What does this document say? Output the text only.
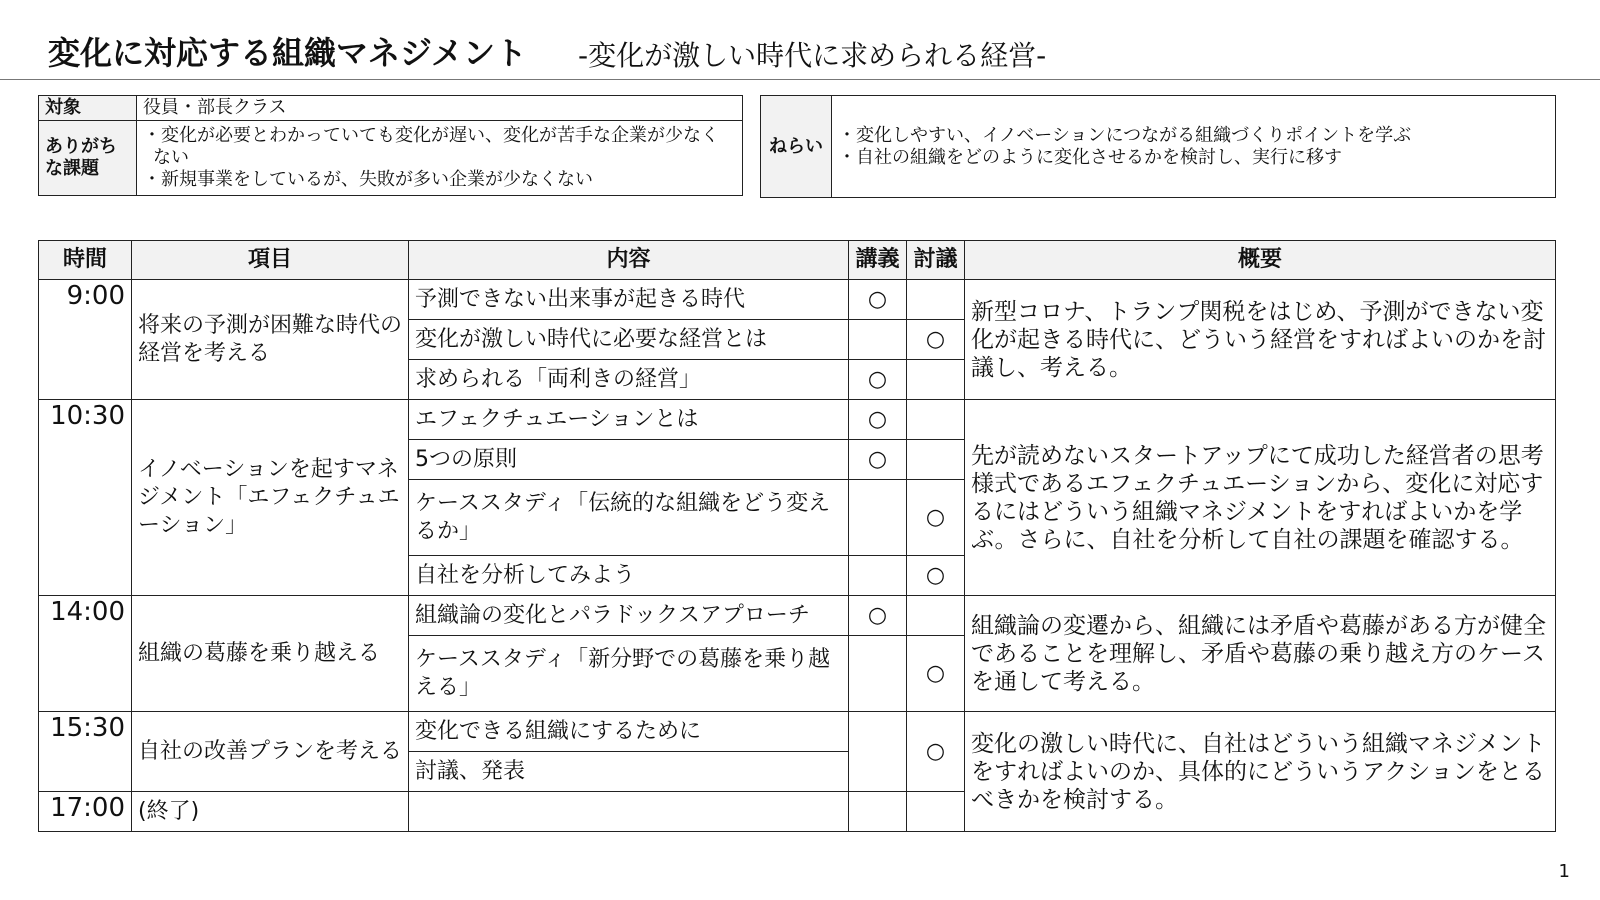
変化に対応する組織マネジメント -変化が激しい時代に求められる経営-
対象	役員・部長クラス
ありがち な課題	・変化が必要とわかっていても変化が遅い、変化が苦手な企業が少なくない
・新規事業をしているが、失敗が多い企業が少なくない
ねらい	
・変化しやすい、イノベーションにつながる組織づくりポイントを学ぶ
・自社の組織をどのように変化させるかを検討し、実行に移す
時間	項目	内容	講義	討議	概要
9:00	将来の予測が困難な時代の経営を考える	予測できない出来事が起きる時代	○		新型コロナ、トランプ関税をはじめ、予測ができない変化が起きる時代に、どういう経営をすればよいのかを討議し、考える。
		変化が激しい時代に必要な経営とは		○	
		求められる「両利きの経営」	○		
10:30	イノベーションを起すマネジメント「エフェクチュエーション」	エフェクチュエーションとは	○		先が読めないスタートアップにて成功した経営者の思考様式であるエフェクチュエーションから、変化に対応するにはどういう組織マネジメントをすればよいかを学ぶ。さらに、自社を分析して自社の課題を確認する。
		5つの原則	○		
		ケーススタディ「伝統的な組織をどう変えるか」		○	
		自社を分析してみよう		○	
14:00	組織の葛藤を乗り越える	組織論の変化とパラドックスアプローチ	○		組織論の変遷から、組織には矛盾や葛藤がある方が健全であることを理解し、矛盾や葛藤の乗り越え方のケースを通して考える。
		ケーススタディ「新分野での葛藤を乗り越える」		○	
15:30	自社の改善プランを考える	変化できる組織にするために		○	変化の激しい時代に、自社はどういう組織マネジメントをすればよいのか、具体的にどういうアクションをとるべきかを検討する。
		討議、発表			
17:00	(終了)				
1
